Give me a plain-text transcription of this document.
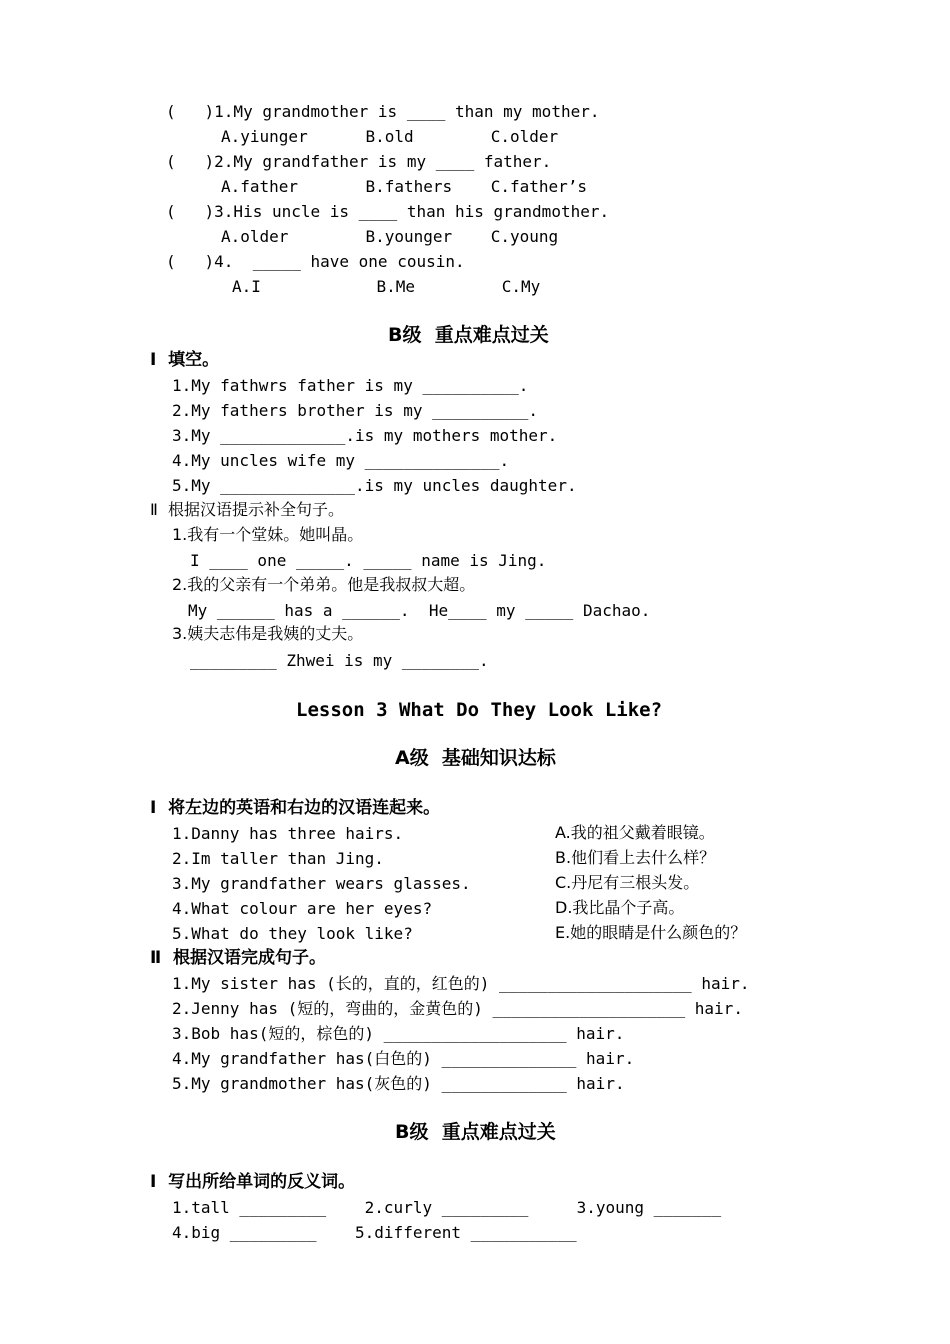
(   )1.My grandmother is ____ than my mother.
A.yiunger      B.old        C.older
(   )2.My grandfather is my ____ father.
A.father       B.fathers    C.father’s
(   )3.His uncle is ____ than his grandmother.
A.older        B.younger    C.young
(   )4.  _____ have one cousin.
A.I            B.Me         C.My
B级  重点难点过关
Ⅰ  填空。
1.My fathwrs father is my __________.
2.My fathers brother is my __________.
3.My _____________.is my mothers mother.
4.My uncles wife my ______________.
5.My ______________.is my uncles daughter.
Ⅱ  根据汉语提示补全句子。
1.我有一个堂妹。她叫晶。
I ____ one _____. _____ name is Jing.
2.我的父亲有一个弟弟。他是我叔叔大超。
My ______ has a ______.  He____ my _____ Dachao.
3.姨夫志伟是我姨的丈夫。
_________ Zhwei is my ________.
Lesson 3 What Do They Look Like?
A级  基础知识达标
Ⅰ  将左边的英语和右边的汉语连起来。
1.Danny has three hairs.
2.Im taller than Jing.
3.My grandfather wears glasses.
4.What colour are her eyes?
5.What do they look like?
A.我的祖父戴着眼镜。
B.他们看上去什么样？
C.丹尼有三根头发。
D.我比晶个子高。
E.她的眼睛是什么颜色的？
Ⅱ  根据汉语完成句子。
1.My sister has (长的，直的，红色的) ____________________ hair.
2.Jenny has (短的，弯曲的，金黄色的) ____________________ hair.
3.Bob has(短的，棕色的) ___________________ hair.
4.My grandfather has(白色的) ______________ hair.
5.My grandmother has(灰色的) _____________ hair.
B级  重点难点过关
Ⅰ  写出所给单词的反义词。
1.tall _________    2.curly _________     3.young _______
4.big _________    5.different ___________
